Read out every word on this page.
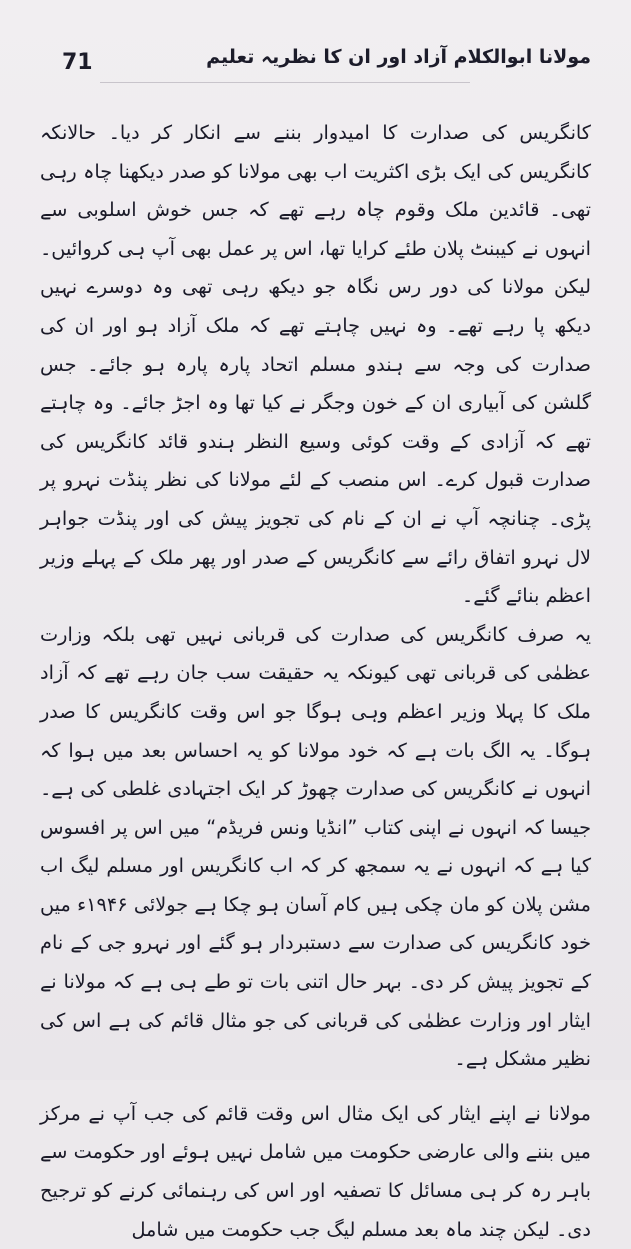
71	مولانا ابوالکلام آزاد اور ان کا نظریہ تعلیم

کانگریس کی صدارت کا امیدوار بننے سے انکار کر دیا۔ حالانکہ کانگریس کی ایک بڑی اکثریت اب بھی مولانا کو صدر دیکھنا چاہ رہی تھی۔ قائدین ملک وقوم چاہ رہے تھے کہ جس خوش اسلوبی سے انہوں نے کیبنٹ پلان طئے کرایا تھا، اس پر عمل بھی آپ ہی کروائیں۔ لیکن مولانا کی دور رس نگاہ جو دیکھ رہی تھی وہ دوسرے نہیں دیکھ پا رہے تھے۔ وہ نہیں چاہتے تھے کہ ملک آزاد ہو اور ان کی صدارت کی وجہ سے ہندو مسلم اتحاد پارہ پارہ ہو جائے۔ جس گلشن کی آبیاری ان کے خون وجگر نے کیا تھا وہ اجڑ جائے۔ وہ چاہتے تھے کہ آزادی کے وقت کوئی وسیع النظر ہندو قائد کانگریس کی صدارت قبول کرے۔ اس منصب کے لئے مولانا کی نظر پنڈت نہرو پر پڑی۔ چنانچہ آپ نے ان کے نام کی تجویز پیش کی اور پنڈت جواہر لال نہرو اتفاق رائے سے کانگریس کے صدر اور پھر ملک کے پہلے وزیر اعظم بنائے گئے۔

یہ صرف کانگریس کی صدارت کی قربانی نہیں تھی بلکہ وزارت عظمٰی کی قربانی تھی کیونکہ یہ حقیقت سب جان رہے تھے کہ آزاد ملک کا پہلا وزیر اعظم وہی ہوگا جو اس وقت کانگریس کا صدر ہوگا۔ یہ الگ بات ہے کہ خود مولانا کو یہ احساس بعد میں ہوا کہ انہوں نے کانگریس کی صدارت چھوڑ کر ایک اجتہادی غلطی کی ہے۔ جیسا کہ انہوں نے اپنی کتاب ”انڈیا ونس فریڈم“ میں اس پر افسوس کیا ہے کہ انہوں نے یہ سمجھ کر کہ اب کانگریس اور مسلم لیگ اب مشن پلان کو مان چکی ہیں کام آسان ہو چکا ہے جولائی ۱۹۴۶ء میں خود کانگریس کی صدارت سے دستبردار ہو گئے اور نہرو جی کے نام کے تجویز پیش کر دی۔ بہر حال اتنی بات تو طے ہی ہے کہ مولانا نے ایثار اور وزارت عظمٰی کی قربانی کی جو مثال قائم کی ہے اس کی نظیر مشکل ہے۔

مولانا نے اپنے ایثار کی ایک مثال اس وقت قائم کی جب آپ نے مرکز میں بننے والی عارضی حکومت میں شامل نہیں ہوئے اور حکومت سے باہر رہ کر ہی مسائل کا تصفیہ اور اس کی رہنمائی کرنے کو ترجیح دی۔ لیکن چند ماہ بعد مسلم لیگ جب حکومت میں شامل
